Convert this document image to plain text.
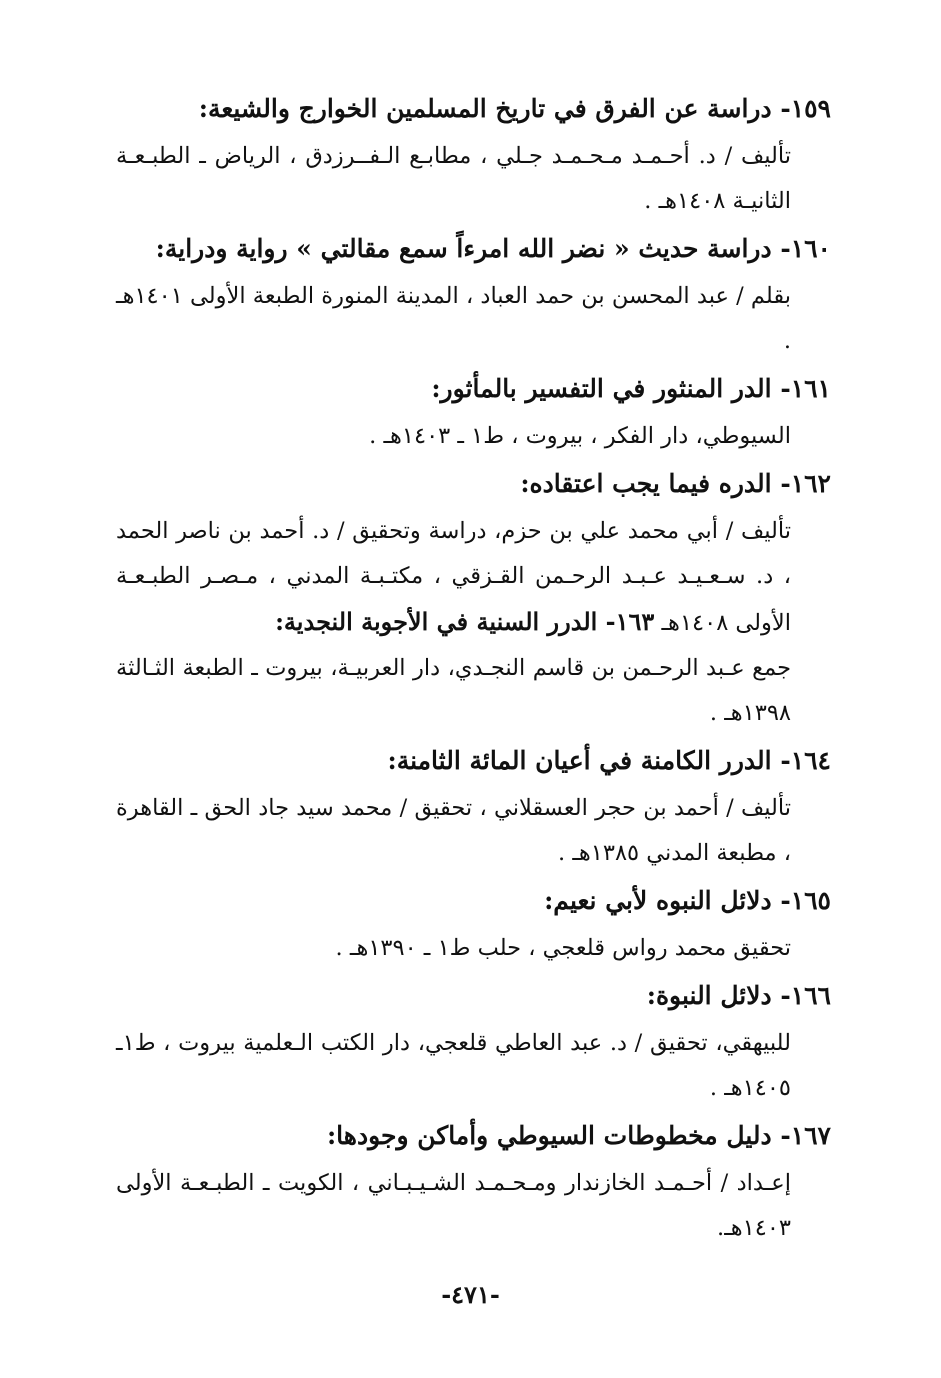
١٥٩- دراسة عن الفرق في تاريخ المسلمين الخوارج والشيعة:

تأليف / د. أحـمـد مـحـمـد جـلي ، مطابـع الـفــرزدق ، الرياض ـ الطبـعـة الثانيـة ١٤٠٨هـ .

١٦٠- دراسة حديث « نضر الله امرءاً سمع مقالتي » رواية ودراية:

بقلم / عبد المحسن بن حمد العباد ، المدينة المنورة الطبعة الأولى ١٤٠١هـ .

١٦١- الدر المنثور في التفسير بالمأثور:

السيوطي، دار الفكر ، بيروت ، ط١ ـ ١٤٠٣هـ .

١٦٢- الدره فيما يجب اعتقاده:

تأليف / أبي محمد علي بن حزم، دراسة وتحقيق / د. أحمد بن ناصر الحمد ، د. سـعـيـد عـبـد الرحـمن القـزقي ، مكتـبـة المدني ، مـصـر الطبـعـة الأولى ١٤٠٨هـ ١٦٣- الدرر السنية في الأجوبة النجدية:

جمع عـبد الرحـمن بن قاسم النجـدي، دار العربيـة، بيروت ـ الطبعة الثـالثة ١٣٩٨هـ .

١٦٤- الدرر الكامنة في أعيان المائة الثامنة:

تأليف / أحمد بن حجر العسقلاني ، تحقيق / محمد سيد جاد الحق ـ القاهرة ، مطبعة المدني ١٣٨٥هـ .

١٦٥- دلائل النبوه لأبي نعيم:

تحقيق محمد رواس قلعجي ، حلب ط١ ـ ١٣٩٠هـ .

١٦٦- دلائل النبوة:

للبيهقي، تحقيق / د. عبد العاطي قلعجي، دار الكتب الـعلمية بيروت ، ط١ـ ١٤٠٥هـ .

١٦٧- دليل مخطوطات السيوطي وأماكن وجودها:

إعـداد / أحـمـد الخازندار ومـحـمـد الشـيـبـاني ، الكويت ـ الطبـعـة الأولى ١٤٠٣هـ.

-٤٧١-
